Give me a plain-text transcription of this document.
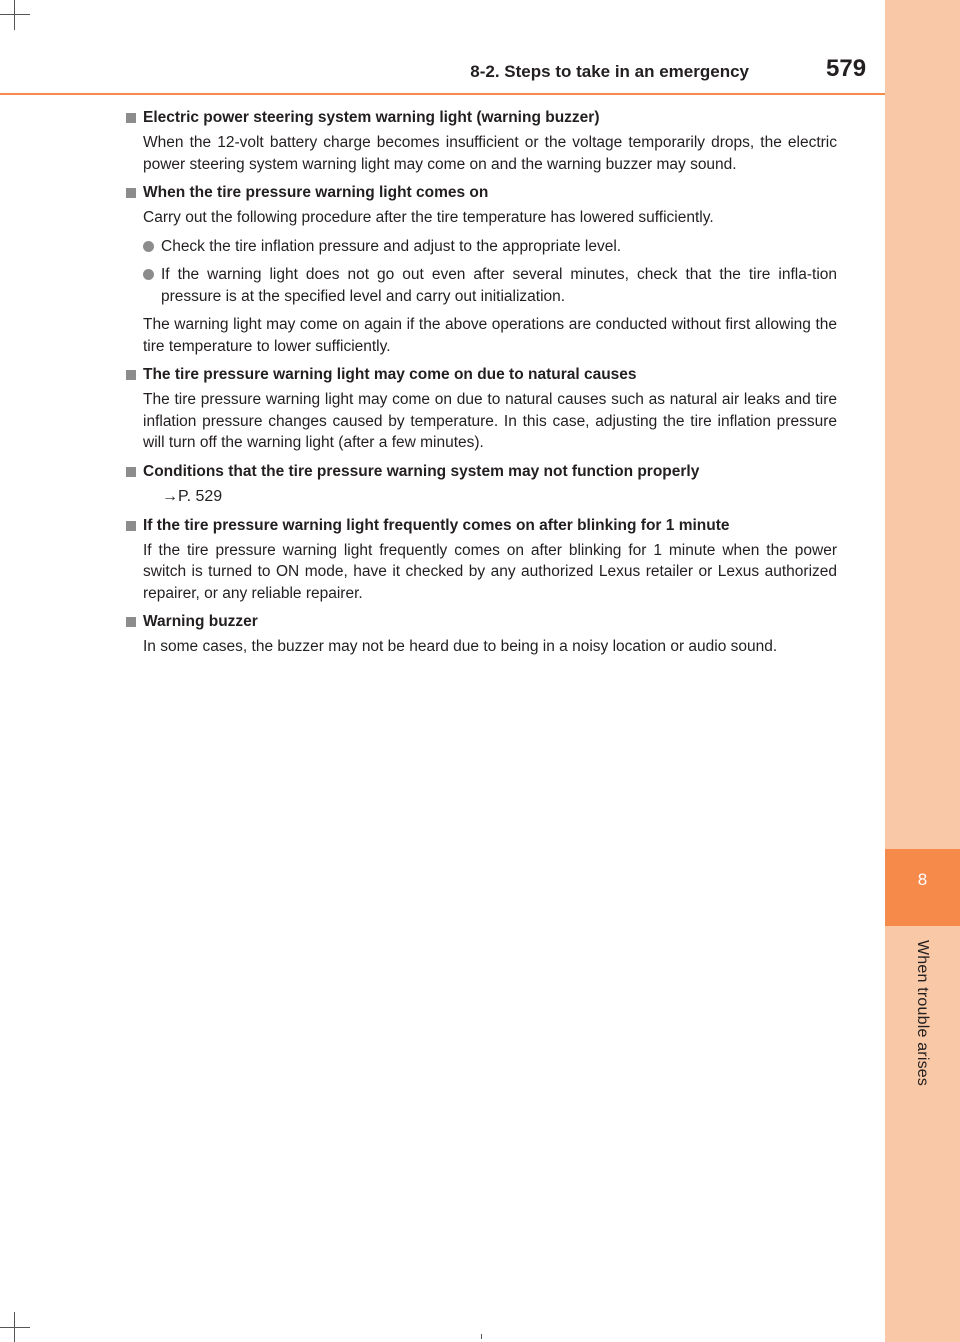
8
When trouble arises
8-2. Steps to take in an emergency	579
Electric power steering system warning light (warning buzzer)
When the 12-volt battery charge becomes insufficient or the voltage temporarily drops, the electric power steering system warning light may come on and the warning buzzer may sound.
When the tire pressure warning light comes on
Carry out the following procedure after the tire temperature has lowered sufficiently.
Check the tire inflation pressure and adjust to the appropriate level.
If the warning light does not go out even after several minutes, check that the tire infla-tion pressure is at the specified level and carry out initialization.
The warning light may come on again if the above operations are conducted without first allowing the tire temperature to lower sufficiently.
The tire pressure warning light may come on due to natural causes
The tire pressure warning light may come on due to natural causes such as natural air leaks and tire inflation pressure changes caused by temperature. In this case, adjusting the tire inflation pressure will turn off the warning light (after a few minutes).
Conditions that the tire pressure warning system may not function properly
→P. 529
If the tire pressure warning light frequently comes on after blinking for 1 minute
If the tire pressure warning light frequently comes on after blinking for 1 minute when the power switch is turned to ON mode, have it checked by any authorized Lexus retailer or Lexus authorized repairer, or any reliable repairer.
Warning buzzer
In some cases, the buzzer may not be heard due to being in a noisy location or audio sound.
